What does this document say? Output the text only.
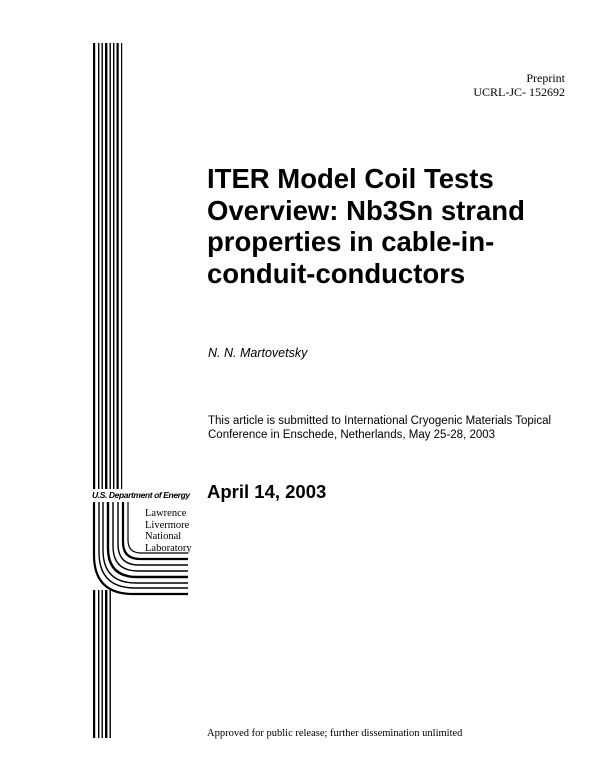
Preprint
UCRL-JC- 152692
ITER Model Coil Tests
Overview: Nb3Sn strand
properties in cable-in-
conduit-conductors
N. N. Martovetsky
This article is submitted to International Cryogenic Materials Topical
Conference in Enschede, Netherlands, May 25-28, 2003
April 14, 2003
U.S. Department of Energy
Lawrence
Livermore
National
Laboratory
Approved for public release; further dissemination unlimited
